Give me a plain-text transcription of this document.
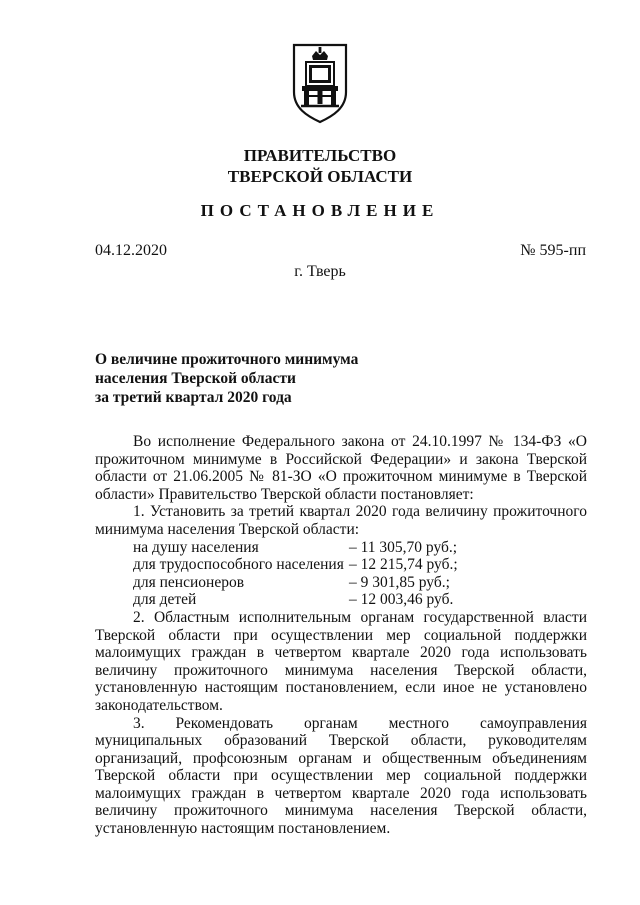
ПРАВИТЕЛЬСТВО
ТВЕРСКОЙ ОБЛАСТИ
ПОСТАНОВЛЕНИЕ
04.12.2020	№ 595-пп
г. Тверь
О величине прожиточного минимума
населения Тверской области
за третий квартал 2020 года

Во исполнение Федерального закона от 24.10.1997 № 134-ФЗ «О прожиточном минимуме в Российской Федерации» и закона Тверской области от 21.06.2005 № 81-ЗО «О прожиточном минимуме в Тверской области» Правительство Тверской области постановляет:

1. Установить за третий квартал 2020 года величину прожиточного минимума населения Тверской области:

на душу населения	– 11 305,70 руб.;
для трудоспособного населения – 12 215,74 руб.;
для пенсионеров	– 9 301,85 руб.;
для детей	– 12 003,46 руб.

2. Областным исполнительным органам государственной власти Тверской области при осуществлении мер социальной поддержки малоимущих граждан в четвертом квартале 2020 года использовать величину прожиточного минимума населения Тверской области, установленную настоящим постановлением, если иное не установлено законодательством.

3. Рекомендовать органам местного самоуправления муниципальных образований Тверской области, руководителям организаций, профсоюзным органам и общественным объединениям Тверской области при осуществлении мер социальной поддержки малоимущих граждан в четвертом квартале 2020 года использовать величину прожиточного минимума населения Тверской области, установленную настоящим постановлением.
